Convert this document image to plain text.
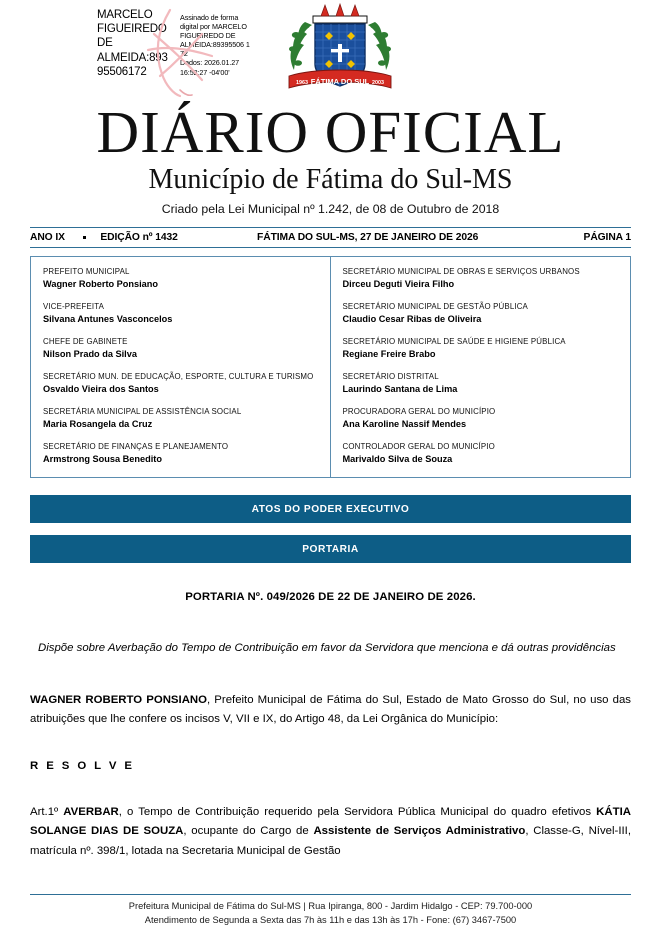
MARCELO FIGUEIREDO DE ALMEIDA:893 95506172
Assinado de forma
digital por MARCELO
FIGUEIREDO DE
ALMEIDA:89395506 1
72
Dados: 2026.01.27
16:52:27 -04'00'
FÁTIMA DO SUL
1963	2003
DIÁRIO OFICIAL
Município de Fátima do Sul-MS
Criado pela Lei Municipal nº 1.242, de 08 de Outubro de 2018
ANO IX	EDIÇÃO nº 1432	FÁTIMA DO SUL-MS, 27 DE JANEIRO DE 2026	PÁGINA 1
PREFEITO MUNICIPAL
Wagner Roberto Ponsiano
VICE-PREFEITA
Silvana Antunes Vasconcelos
CHEFE DE GABINETE
Nilson Prado da Silva
SECRETÁRIO MUN. DE EDUCAÇÃO, ESPORTE, CULTURA E TURISMO
Osvaldo Vieira dos Santos
SECRETÁRIA MUNICIPAL DE ASSISTÊNCIA SOCIAL
Maria Rosangela da Cruz
SECRETÁRIO DE FINANÇAS E PLANEJAMENTO
Armstrong Sousa Benedito
SECRETÁRIO MUNICIPAL DE OBRAS E SERVIÇOS URBANOS
Dirceu Deguti Vieira Filho
SECRETÁRIO MUNICIPAL DE GESTÃO PÚBLICA
Claudio Cesar Ribas de Oliveira
SECRETÁRIO MUNICIPAL DE SAÚDE E HIGIENE PÚBLICA
Regiane Freire Brabo
SECRETÁRIO DISTRITAL
Laurindo Santana de Lima
PROCURADORA GERAL DO MUNICÍPIO
Ana Karoline Nassif Mendes
CONTROLADOR GERAL DO MUNICÍPIO
Marivaldo Silva de Souza
ATOS DO PODER EXECUTIVO
PORTARIA
PORTARIA Nº. 049/2026 DE 22 DE JANEIRO DE 2026.
Dispõe sobre Averbação do Tempo de Contribuição em favor da Servidora que menciona e dá outras providências
WAGNER ROBERTO PONSIANO, Prefeito Municipal de Fátima do Sul, Estado de Mato Grosso do Sul, no uso das atribuições que lhe confere os incisos V, VII e IX, do Artigo 48, da Lei Orgânica do Município:
R E S O L V E
Art.1º AVERBAR, o Tempo de Contribuição requerido pela Servidora Pública Municipal do quadro efetivos KÁTIA SOLANGE DIAS DE SOUZA, ocupante do Cargo de Assistente de Serviços Administrativo, Classe-G, Nível-III, matrícula nº. 398/1, lotada na Secretaria Municipal de Gestão
Prefeitura Municipal de Fátima do Sul-MS | Rua Ipiranga, 800 - Jardim Hidalgo - CEP: 79.700-000
Atendimento de Segunda a Sexta das 7h às 11h e das 13h às 17h - Fone: (67) 3467-7500
